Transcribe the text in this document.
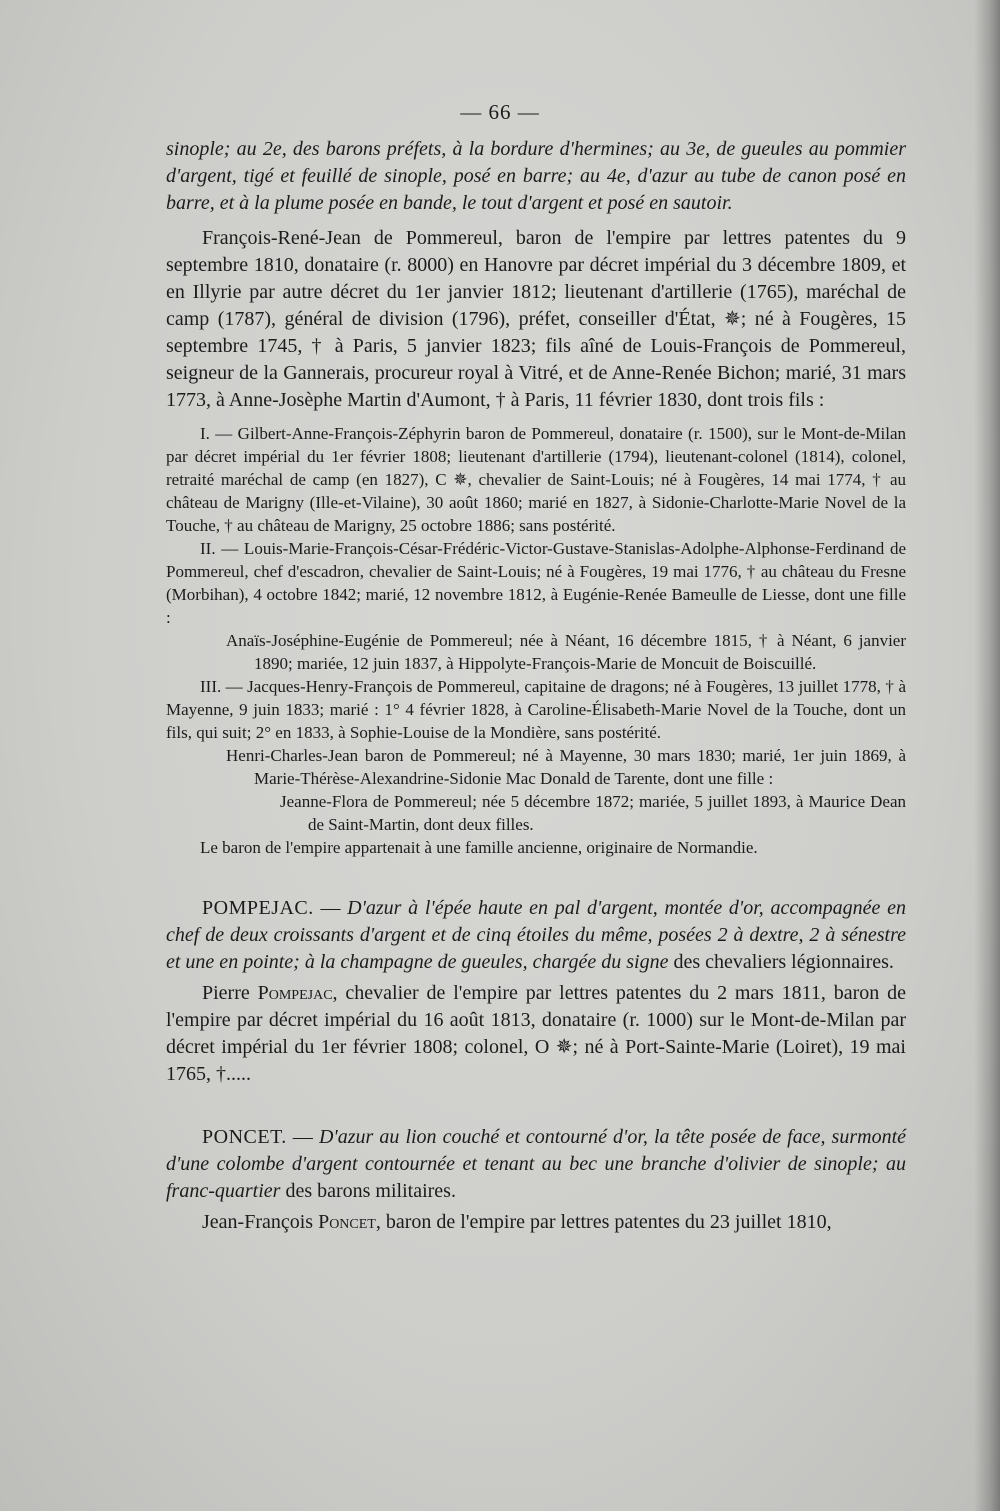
— 66 —

sinople; au 2e, des barons préfets, à la bordure d'hermines; au 3e, de gueules au pommier d'argent, tigé et feuillé de sinople, posé en barre; au 4e, d'azur au tube de canon posé en barre, et à la plume posée en bande, le tout d'argent et posé en sautoir.

François-René-Jean de Pommereul, baron de l'empire par lettres patentes du 9 septembre 1810, donataire (r. 8000) en Hanovre par décret impérial du 3 décembre 1809, et en Illyrie par autre décret du 1er janvier 1812; lieutenant d'artillerie (1765), maréchal de camp (1787), général de division (1796), préfet, conseiller d'État, ✵; né à Fougères, 15 septembre 1745, † à Paris, 5 janvier 1823; fils aîné de Louis-François de Pommereul, seigneur de la Gannerais, procureur royal à Vitré, et de Anne-Renée Bichon; marié, 31 mars 1773, à Anne-Josèphe Martin d'Aumont, † à Paris, 11 février 1830, dont trois fils :

I. — Gilbert-Anne-François-Zéphyrin baron de Pommereul, donataire (r. 1500), sur le Mont-de-Milan par décret impérial du 1er février 1808; lieutenant d'artillerie (1794), lieutenant-colonel (1814), colonel, retraité maréchal de camp (en 1827), C ✵, chevalier de Saint-Louis; né à Fougères, 14 mai 1774, † au château de Marigny (Ille-et-Vilaine), 30 août 1860; marié en 1827, à Sidonie-Charlotte-Marie Novel de la Touche, † au château de Marigny, 25 octobre 1886; sans postérité.

II. — Louis-Marie-François-César-Frédéric-Victor-Gustave-Stanislas-Adolphe-Alphonse-Ferdinand de Pommereul, chef d'escadron, chevalier de Saint-Louis; né à Fougères, 19 mai 1776, † au château du Fresne (Morbihan), 4 octobre 1842; marié, 12 novembre 1812, à Eugénie-Renée Bameulle de Liesse, dont une fille :

Anaïs-Joséphine-Eugénie de Pommereul; née à Néant, 16 décembre 1815, † à Néant, 6 janvier 1890; mariée, 12 juin 1837, à Hippolyte-François-Marie de Moncuit de Boiscuillé.

III. — Jacques-Henry-François de Pommereul, capitaine de dragons; né à Fougères, 13 juillet 1778, † à Mayenne, 9 juin 1833; marié : 1° 4 février 1828, à Caroline-Élisabeth-Marie Novel de la Touche, dont un fils, qui suit; 2° en 1833, à Sophie-Louise de la Mondière, sans postérité.

Henri-Charles-Jean baron de Pommereul; né à Mayenne, 30 mars 1830; marié, 1er juin 1869, à Marie-Thérèse-Alexandrine-Sidonie Mac Donald de Tarente, dont une fille :

Jeanne-Flora de Pommereul; née 5 décembre 1872; mariée, 5 juillet 1893, à Maurice Dean de Saint-Martin, dont deux filles.

Le baron de l'empire appartenait à une famille ancienne, originaire de Normandie.

POMPEJAC. — D'azur à l'épée haute en pal d'argent, montée d'or, accompagnée en chef de deux croissants d'argent et de cinq étoiles du même, posées 2 à dextre, 2 à sénestre et une en pointe; à la champagne de gueules, chargée du signe des chevaliers légionnaires.

Pierre Pompejac, chevalier de l'empire par lettres patentes du 2 mars 1811, baron de l'empire par décret impérial du 16 août 1813, donataire (r. 1000) sur le Mont-de-Milan par décret impérial du 1er février 1808; colonel, O ✵; né à Port-Sainte-Marie (Loiret), 19 mai 1765, †.....

PONCET. — D'azur au lion couché et contourné d'or, la tête posée de face, surmonté d'une colombe d'argent contournée et tenant au bec une branche d'olivier de sinople; au franc-quartier des barons militaires.

Jean-François Poncet, baron de l'empire par lettres patentes du 23 juillet 1810,
